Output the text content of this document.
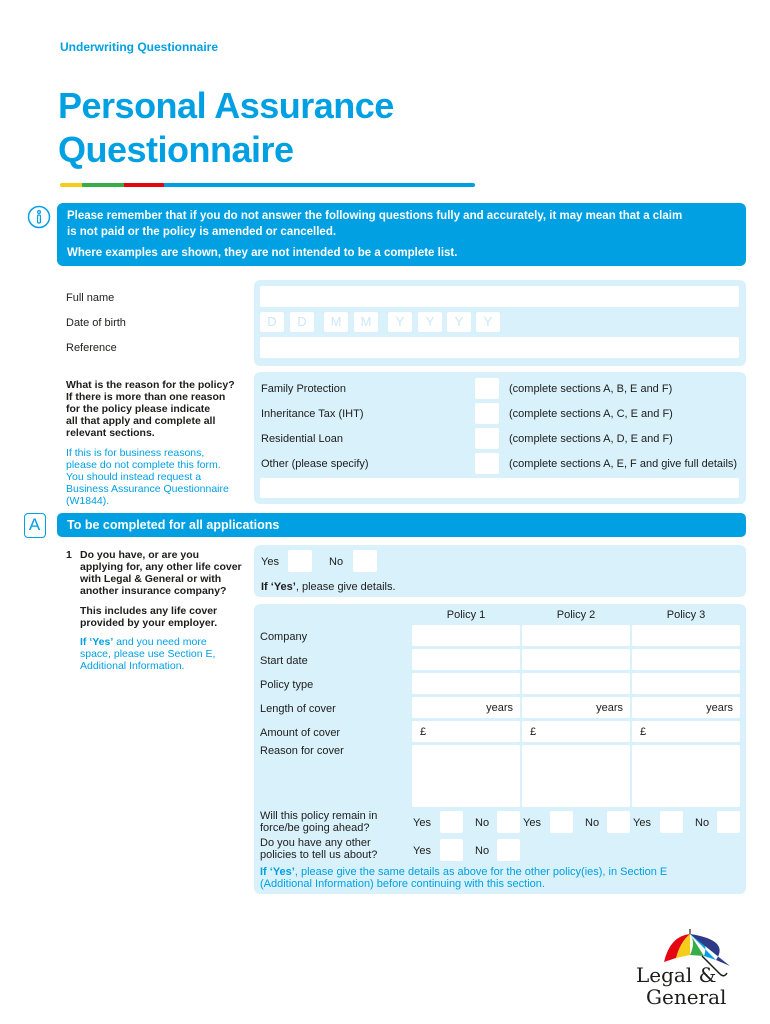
Underwriting Questionnaire
Personal Assurance
Questionnaire
Please remember that if you do not answer the following questions fully and accurately, it may mean that a claim
is not paid or the policy is amended or cancelled.
Where examples are shown, they are not intended to be a complete list.
Full name
Date of birth	D	D	M	M	Y	Y	Y	Y
Reference
What is the reason for the policy?
If there is more than one reason
for the policy please indicate
all that apply and complete all
relevant sections.
If this is for business reasons,
please do not complete this form.
You should instead request a
Business Assurance Questionnaire
(W1844).
Family Protection	(complete sections A, B, E and F)
Inheritance Tax (IHT)	(complete sections A, C, E and F)
Residential Loan	(complete sections A, D, E and F)
Other (please specify)	(complete sections A, E, F and give full details)
A	To be completed for all applications
1 Do you have, or are you
applying for, any other life cover
with Legal & General or with
another insurance company?
This includes any life cover
provided by your employer.
If ‘Yes’ and you need more
space, please use Section E,
Additional Information.
Yes	No
If ‘Yes’, please give details.
Policy 1	Policy 2	Policy 3
Company
Start date
Policy type
Length of cover	years	years	years
Amount of cover	£	£	£
Reason for cover
Will this policy remain in
force/be going ahead?	Yes	No	Yes	No	Yes	No
Do you have any other
policies to tell us about?	Yes	No
If ‘Yes’, please give the same details as above for the other policy(ies), in Section E
(Additional Information) before continuing with this section.
Legal &
General
